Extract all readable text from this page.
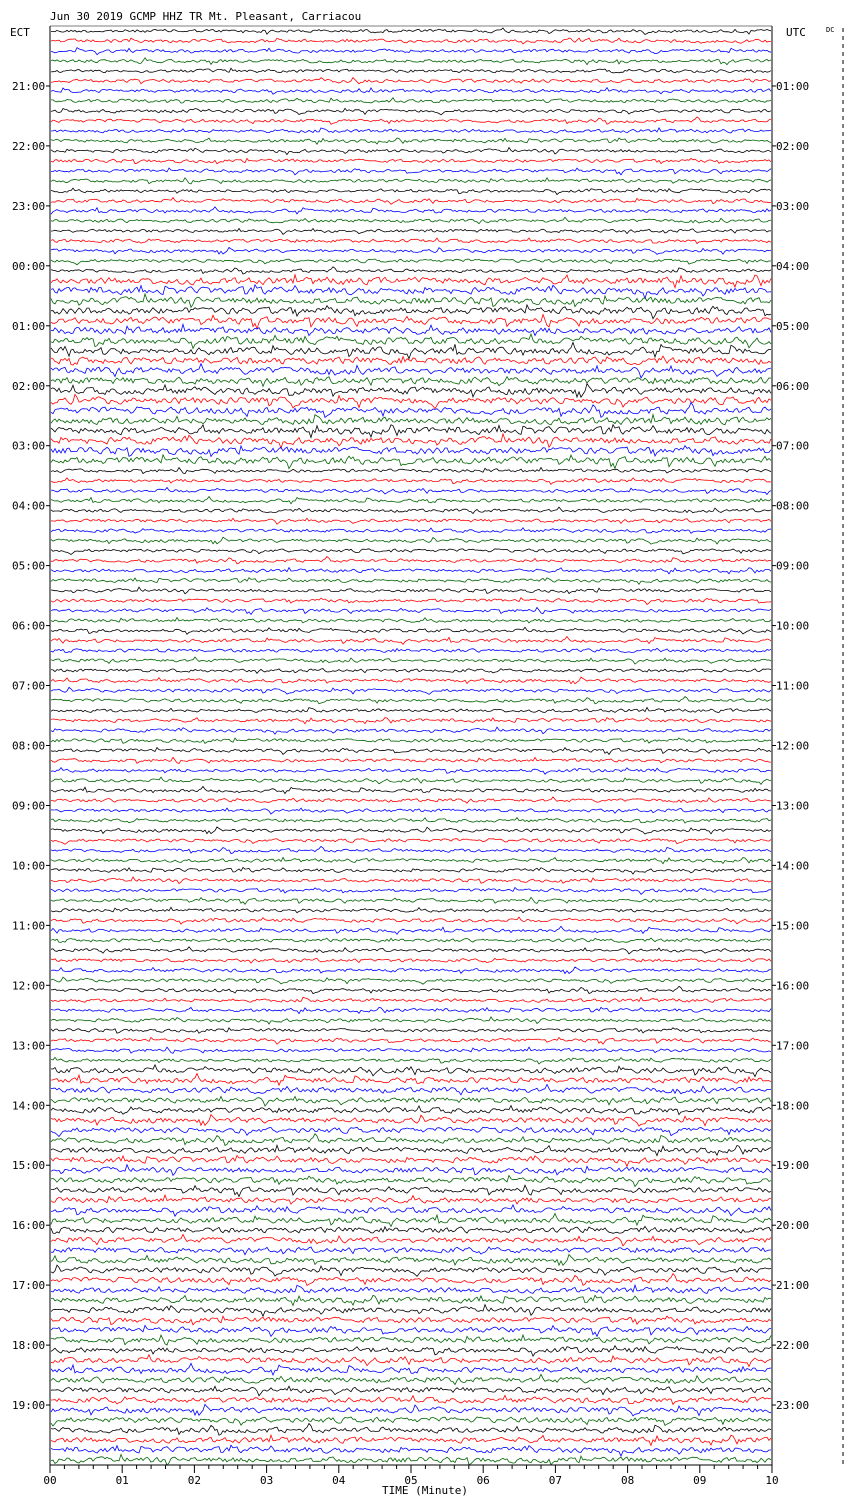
Jun 30 2019 GCMP HHZ TR Mt. Pleasant, Carriacou
ECT	UTC	DC
21:00
22:00
23:00
00:00
01:00
02:00
03:00
04:00
05:00
06:00
07:00
08:00
09:00
10:00
11:00
12:00
13:00
14:00
15:00
16:00
17:00
18:00
19:00
01:00
02:00
03:00
04:00
05:00
06:00
07:00
08:00
09:00
10:00
11:00
12:00
13:00
14:00
15:00
16:00
17:00
18:00
19:00
20:00
21:00
22:00
23:00
00	01	02	03	04	05	06	07	08	09	10
TIME (Minute)
